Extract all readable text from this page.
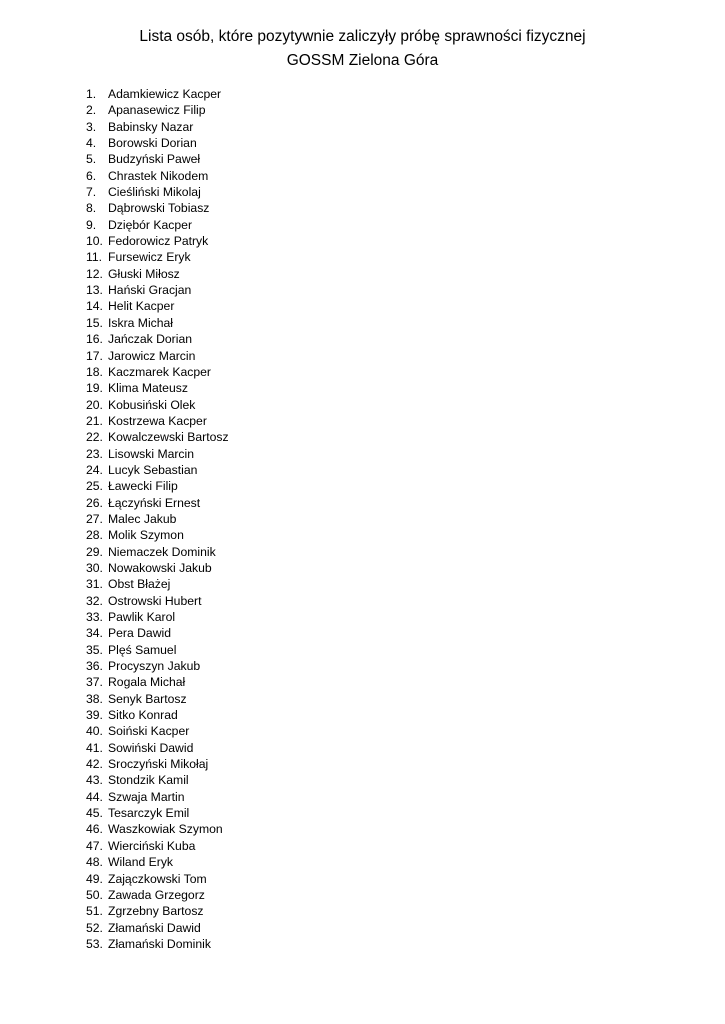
Lista osób, które pozytywnie zaliczyły próbę sprawności fizycznej
GOSSM Zielona Góra
1. Adamkiewicz Kacper
2. Apanasewicz Filip
3. Babinsky Nazar
4. Borowski Dorian
5. Budzyński Paweł
6. Chrastek Nikodem
7. Cieśliński Mikolaj
8. Dąbrowski Tobiasz
9. Dziębór Kacper
10. Fedorowicz Patryk
11. Fursewicz Eryk
12. Głuski Miłosz
13. Hański Gracjan
14. Helit Kacper
15. Iskra Michał
16. Jańczak Dorian
17. Jarowicz Marcin
18. Kaczmarek Kacper
19. Klima Mateusz
20. Kobusiński Olek
21. Kostrzewa Kacper
22. Kowalczewski Bartosz
23. Lisowski Marcin
24. Lucyk Sebastian
25. Ławecki Filip
26. Łączyński Ernest
27. Malec Jakub
28. Molik Szymon
29. Niemaczek Dominik
30. Nowakowski Jakub
31. Obst Błażej
32. Ostrowski Hubert
33. Pawlik Karol
34. Pera Dawid
35. Plęś Samuel
36. Procyszyn Jakub
37. Rogala Michał
38. Senyk Bartosz
39. Sitko Konrad
40. Soiński Kacper
41. Sowiński Dawid
42. Sroczyński Mikołaj
43. Stondzik Kamil
44. Szwaja Martin
45. Tesarczyk Emil
46. Waszkowiak Szymon
47. Wierciński Kuba
48. Wiland Eryk
49. Zajączkowski Tom
50. Zawada Grzegorz
51. Zgrzebny Bartosz
52. Złamański Dawid
53. Złamański Dominik
